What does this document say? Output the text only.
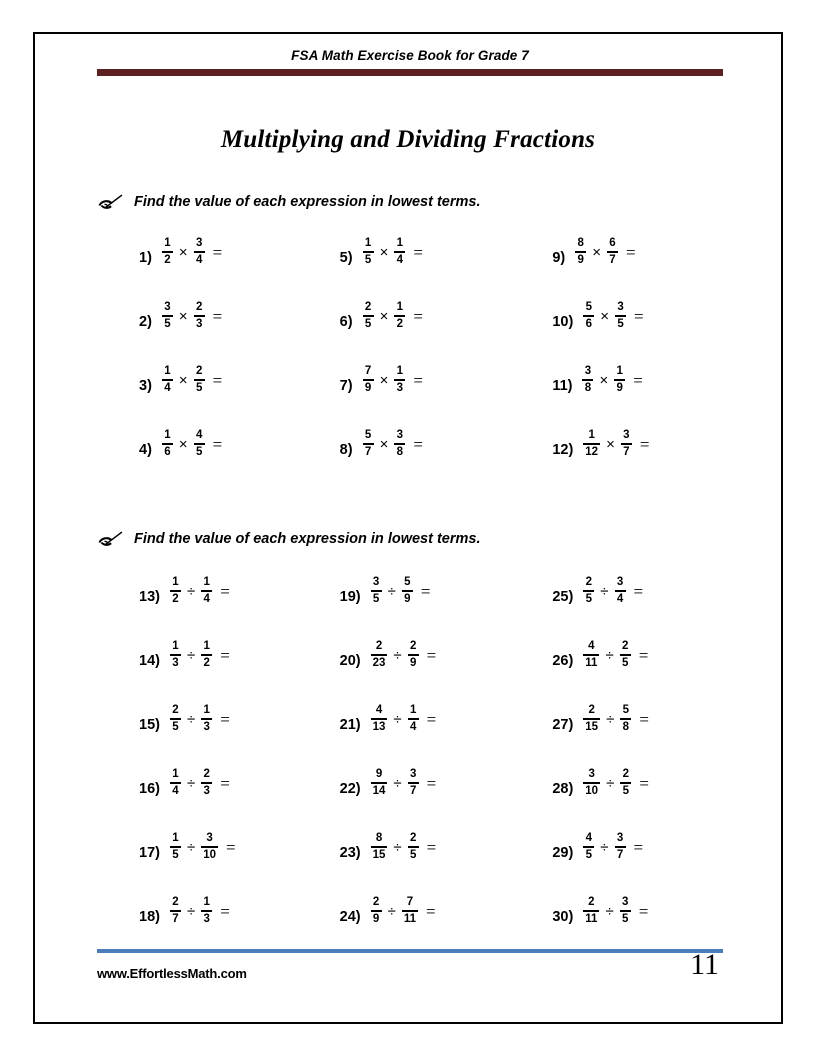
FSA Math Exercise Book for Grade 7
Multiplying and Dividing Fractions
Find the value of each expression in lowest terms.
$1) \frac{1}{2} \times \frac{3}{4}$ =	$5) \frac{1}{5} \times \frac{1}{4}$ =	$9) \frac{8}{9} \times \frac{6}{7}$ =
$2) \frac{3}{5} \times \frac{2}{3}$ =	$6) \frac{2}{5} \times \frac{1}{2}$ =	$10) \frac{5}{6} \times \frac{3}{5}$ =
$3) \frac{1}{4} \times \frac{2}{5}$ =	$7) \frac{7}{9} \times \frac{1}{3}$ =	$11) \frac{3}{8} \times \frac{1}{9}$ =
$4) \frac{1}{6} \times \frac{4}{5}$ =	$8) \frac{5}{7} \times \frac{3}{8}$ =	$12) \frac{1}{12} \times \frac{3}{7}$ =
Find the value of each expression in lowest terms.
$13) \frac{1}{2} \div \frac{1}{4}$ =	$19) \frac{3}{5} \div \frac{5}{9}$ =	$25) \frac{2}{5} \div \frac{3}{4}$ =
$14) \frac{1}{3} \div \frac{1}{2}$ =	$20) \frac{2}{23} \div \frac{2}{9}$ =	$26) \frac{4}{11} \div \frac{2}{5}$ =
$15) \frac{2}{5} \div \frac{1}{3}$ =	$21) \frac{4}{13} \div \frac{1}{4}$ =	$27) \frac{2}{15} \div \frac{5}{8}$ =
$16) \frac{1}{4} \div \frac{2}{3}$ =	$22) \frac{9}{14} \div \frac{3}{7}$ =	$28) \frac{3}{10} \div \frac{2}{5}$ =
$17) \frac{1}{5} \div \frac{3}{10}$ =	$23) \frac{8}{15} \div \frac{2}{5}$ =	$29) \frac{4}{5} \div \frac{3}{7}$ =
$18) \frac{2}{7} \div \frac{1}{3}$ =	$24) \frac{2}{9} \div \frac{7}{11}$ =	$30) \frac{2}{11} \div \frac{3}{5}$ =
www.EffortlessMath.com	11
